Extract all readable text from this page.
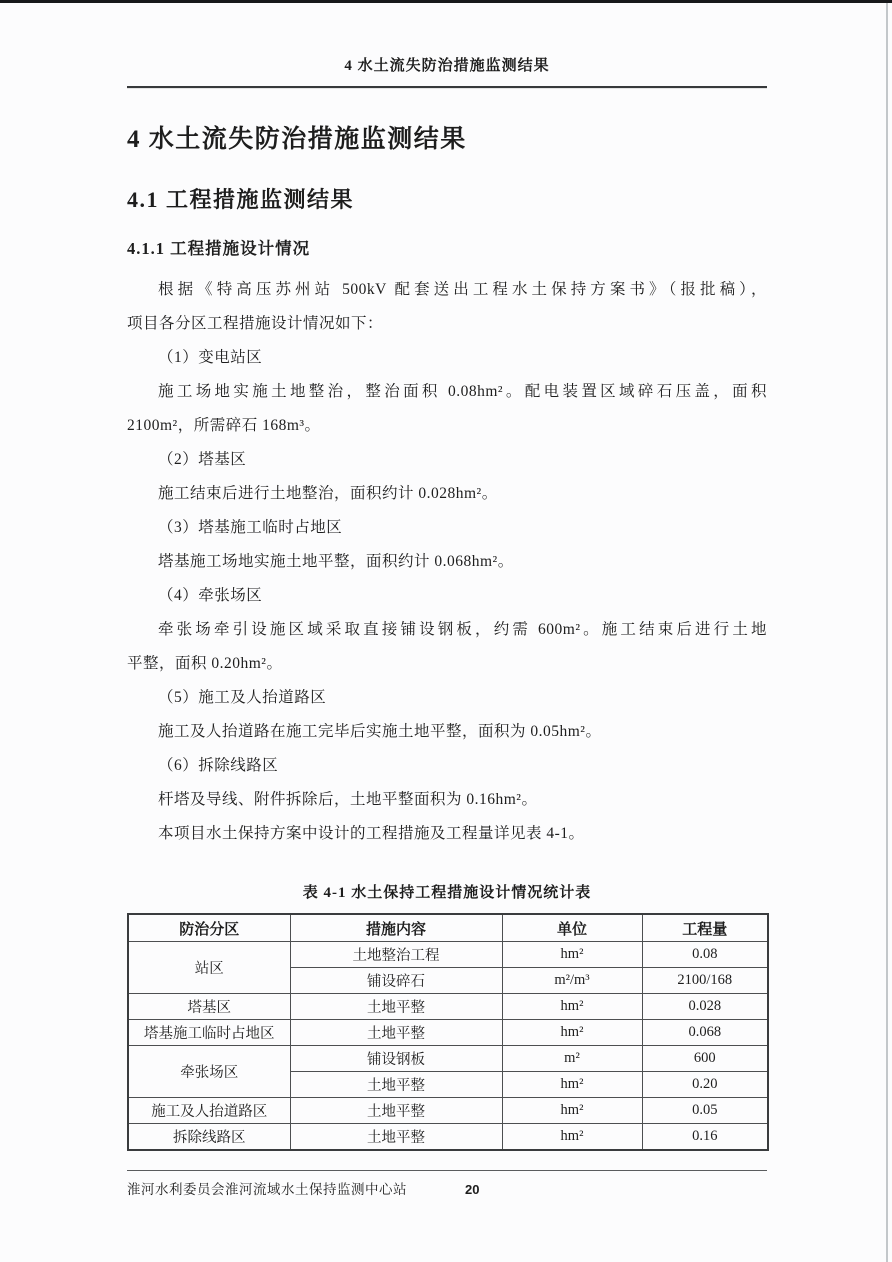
4 水土流失防治措施监测结果
4 水土流失防治措施监测结果
4.1 工程措施监测结果
4.1.1 工程措施设计情况
根据《特高压苏州站 500kV 配套送出工程水土保持方案书》（报批稿），
项目各分区工程措施设计情况如下：
（1）变电站区
施工场地实施土地整治，整治面积 0.08hm²。配电装置区域碎石压盖，面积
2100m²，所需碎石 168m³。
（2）塔基区
施工结束后进行土地整治，面积约计 0.028hm²。
（3）塔基施工临时占地区
塔基施工场地实施土地平整，面积约计 0.068hm²。
（4）牵张场区
牵张场牵引设施区域采取直接铺设钢板，约需 600m²。施工结束后进行土地
平整，面积 0.20hm²。
（5）施工及人抬道路区
施工及人抬道路在施工完毕后实施土地平整，面积为 0.05hm²。
（6）拆除线路区
杆塔及导线、附件拆除后，土地平整面积为 0.16hm²。
本项目水土保持方案中设计的工程措施及工程量详见表 4-1。
表 4-1 水土保持工程措施设计情况统计表
防治分区	措施内容	单位	工程量
站区	土地整治工程	hm²	0.08
	铺设碎石	m²/m³	2100/168
塔基区	土地平整	hm²	0.028
塔基施工临时占地区	土地平整	hm²	0.068
牵张场区	铺设钢板	m²	600
	土地平整	hm²	0.20
施工及人抬道路区	土地平整	hm²	0.05
拆除线路区	土地平整	hm²	0.16
淮河水利委员会淮河流域水土保持监测中心站	20
